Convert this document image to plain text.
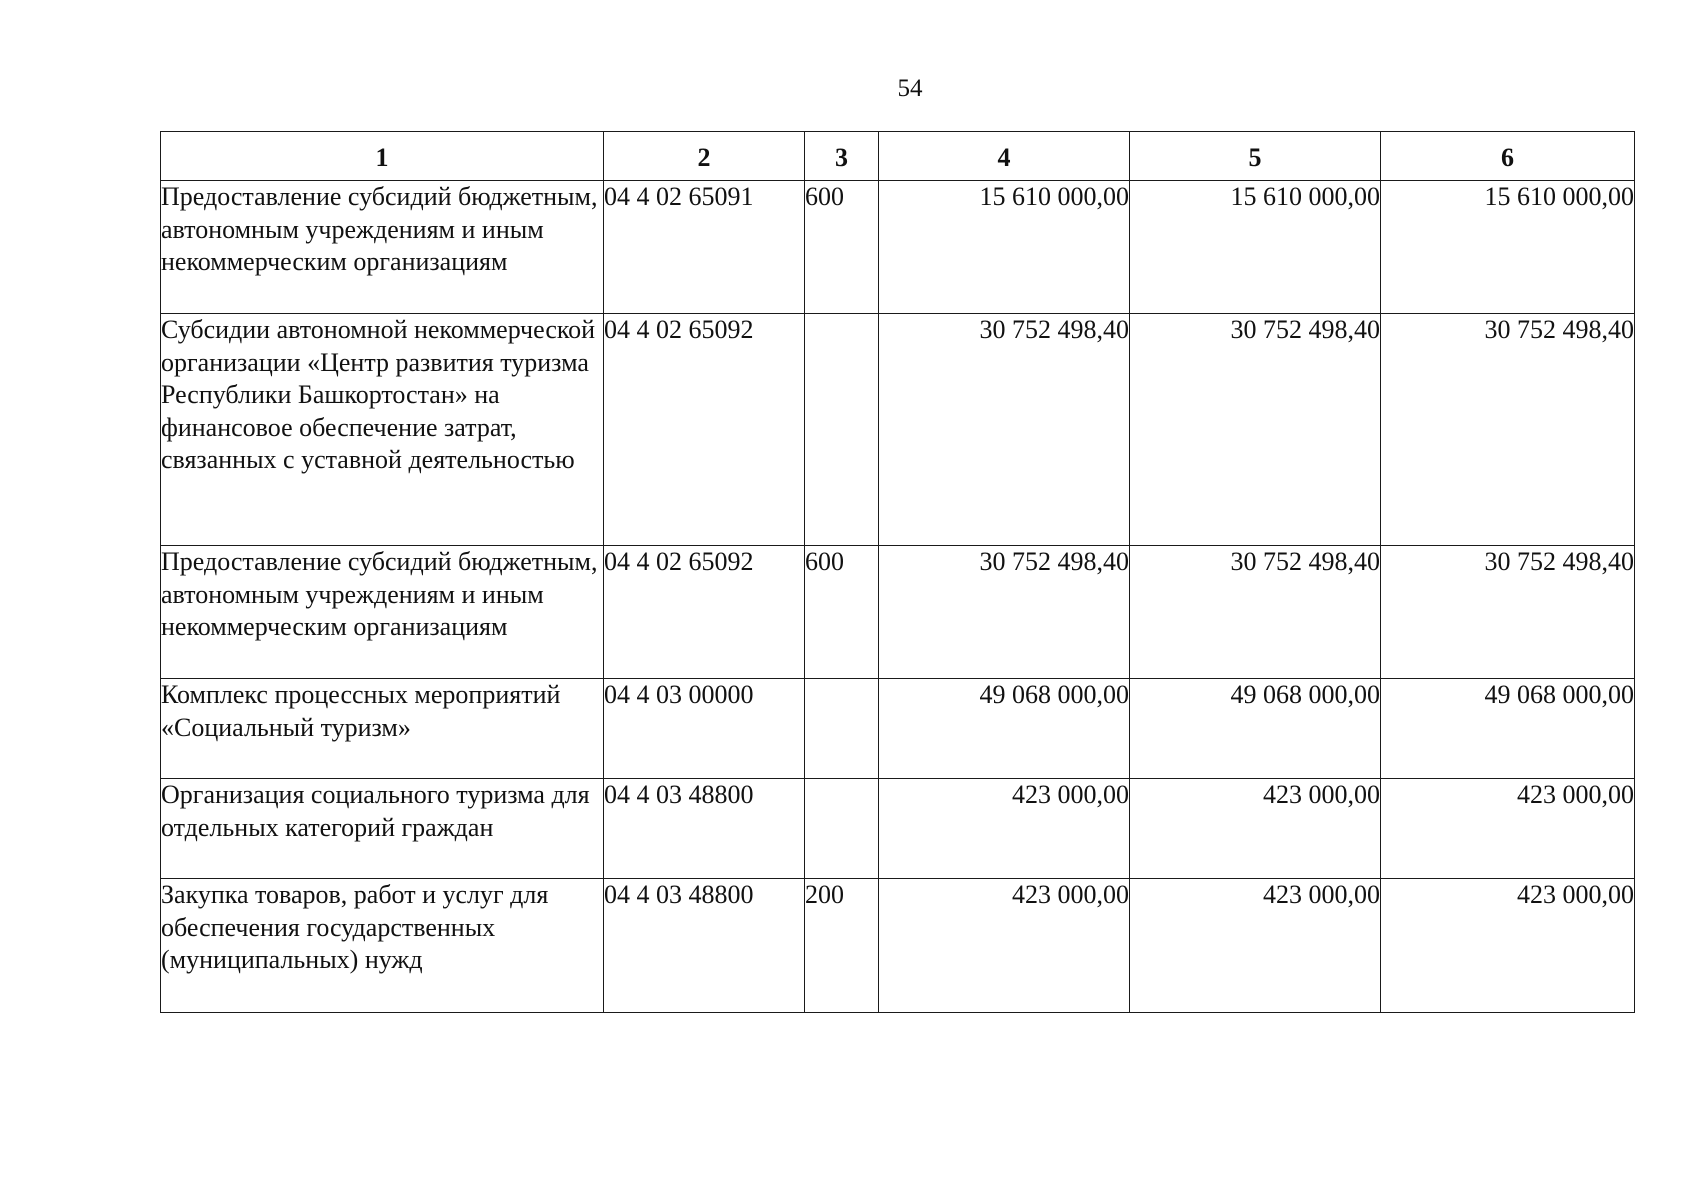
54
1	2	3	4	5	6
Предоставление субсидий бюджетным, автономным учреждениям и иным некоммерческим организациям	04 4 02 65091	600	15 610 000,00	15 610 000,00	15 610 000,00
Субсидии автономной некоммерческой организации «Центр развития туризма Республики Башкортостан» на финансовое обеспечение затрат, связанных с уставной деятельностью	04 4 02 65092		30 752 498,40	30 752 498,40	30 752 498,40
Предоставление субсидий бюджетным, автономным учреждениям и иным некоммерческим организациям	04 4 02 65092	600	30 752 498,40	30 752 498,40	30 752 498,40
Комплекс процессных мероприятий «Социальный туризм»	04 4 03 00000		49 068 000,00	49 068 000,00	49 068 000,00
Организация социального туризма для отдельных категорий граждан	04 4 03 48800		423 000,00	423 000,00	423 000,00
Закупка товаров, работ и услуг для обеспечения государственных (муниципальных) нужд	04 4 03 48800	200	423 000,00	423 000,00	423 000,00
